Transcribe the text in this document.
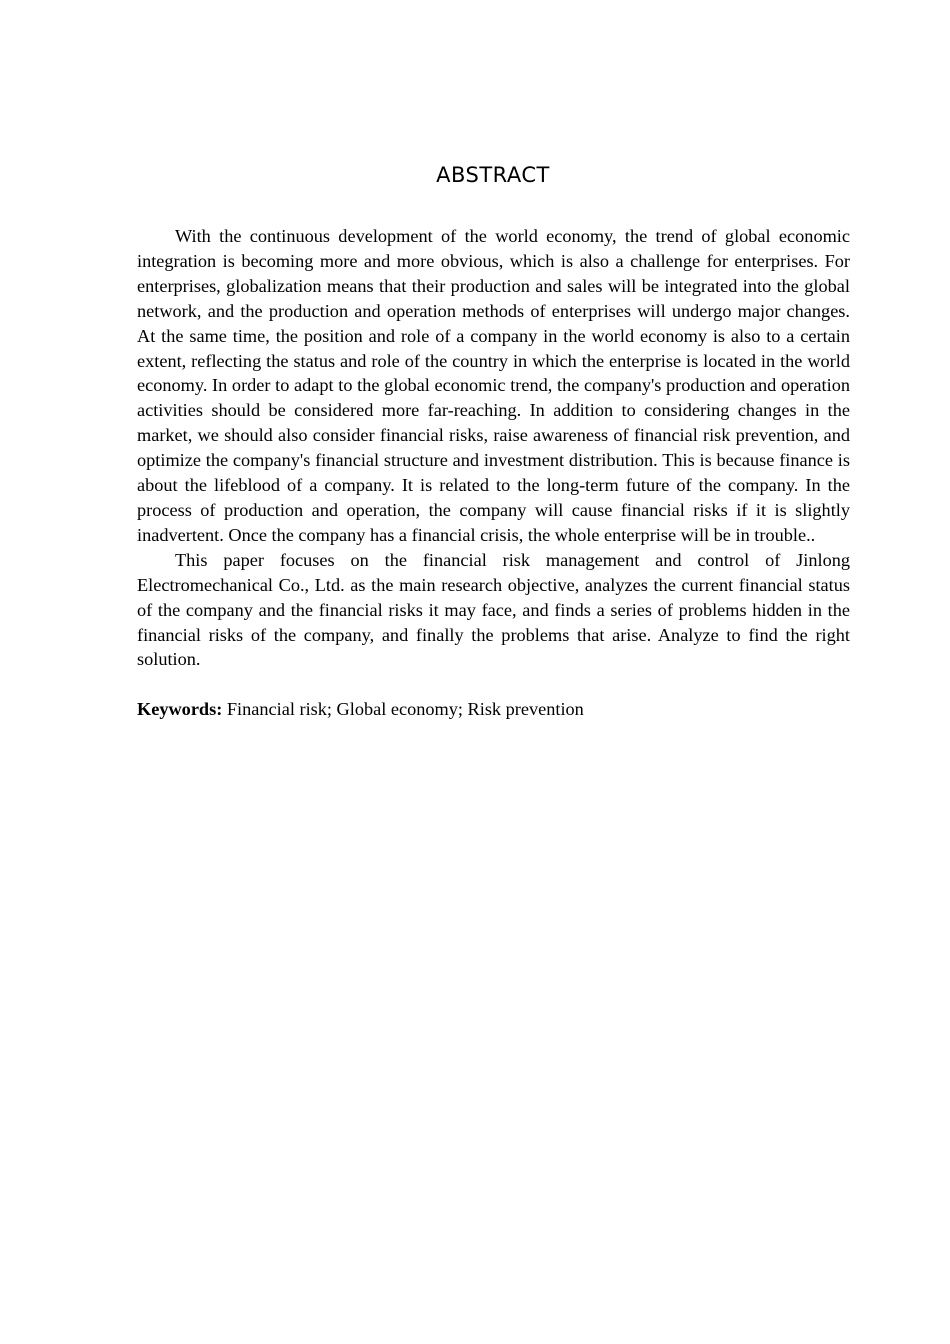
ABSTRACT

With the continuous development of the world economy, the trend of global economic integration is becoming more and more obvious, which is also a challenge for enterprises. For enterprises, globalization means that their production and sales will be integrated into the global network, and the production and operation methods of enterprises will undergo major changes. At the same time, the position and role of a company in the world economy is also to a certain extent, reflecting the status and role of the country in which the enterprise is located in the world economy. In order to adapt to the global economic trend, the company's production and operation activities should be considered more far-reaching. In addition to considering changes in the market, we should also consider financial risks, raise awareness of financial risk prevention, and optimize the company's financial structure and investment distribution. This is because finance is about the lifeblood of a company. It is related to the long-term future of the company. In the process of production and operation, the company will cause financial risks if it is slightly inadvertent. Once the company has a financial crisis, the whole enterprise will be in trouble..

This paper focuses on the financial risk management and control of Jinlong Electromechanical Co., Ltd. as the main research objective, analyzes the current financial status of the company and the financial risks it may face, and finds a series of problems hidden in the financial risks of the company, and finally the problems that arise. Analyze to find the right solution.

Keywords: Financial risk; Global economy; Risk prevention
